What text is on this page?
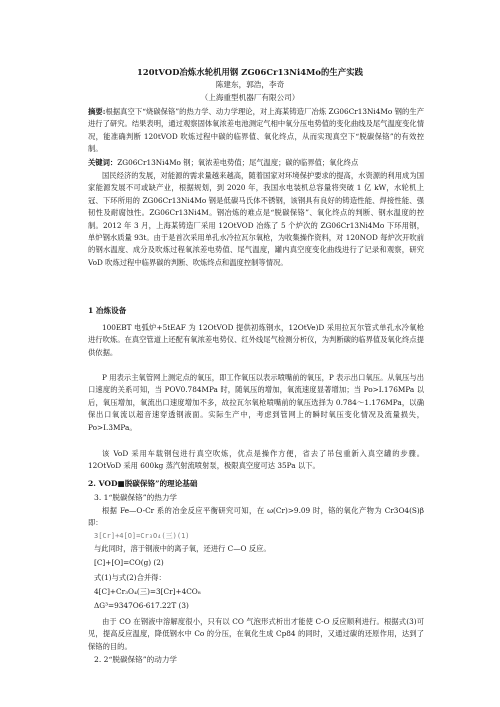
120tVOD冶炼水轮机用钢 ZG06Cr13Ni4Mo的生产实践
陈建东，郭浩，李奇
（上海重型机器厂有限公司）
摘要:根据真空下“烧碳保铬”的热力学、动力学理论，对上海某铸造厂冶炼 ZG06Cr13Ni4Mo 钢的生产进行了研究。结果表明，通过观察固体氧浓差电池测定气相中氧分压电势值的变化曲线及尾气温度变化情况，能准确判断 120tVOD 吹炼过程中碳的临界值、氧化终点，从而实现真空下“脱碳保铬”的有效控制。
关键词：ZG06Cr13Ni4Mo 钢；氧浓差电势值；尾气温度；碳的临界值；氧化终点
国民经济的发展，对能源的需求量越来越高，随着国家对环境保护要求的提高，水资源的利用成为国家能源发展不可或缺产业，根据规划，到 2020 年，我国水电装机总容量将突破 1 亿 kW，水轮机上冠、下环所用的 ZG06Cr13Ni4Mo 钢是低碳马氏体不锈钢，该钢具有良好的铸造性能、焊接性能、强韧性及耐腐蚀性。ZG06Cr13Ni4M。钢冶炼的难点是“脱碳保铬”、氧化终点的判断、钢水温度的控制。2012 年 3 月，上海某铸造厂采用 12OtVOD 冶炼了 5 个炉次的 ZG06Cr13Ni4Mo 下环用钢，单炉钢水质量 93t。由于是首次采用单孔水冷拉瓦尔氧枪，为收集操作资料，对 120NOD 每炉次开吹前的钢水温度、成分及吹炼过程氧浓差电势值、尾气温度，罐内真空度变化曲线进行了记录和观察，研究 VoD 吹炼过程中临界碳的判断、吹炼终点和温度控制等情况。
1 冶炼设备
100EBT 电弧炉+5tEAF 为 12OtVOD 提供初炼钢水，12OtVe)D 采用拉瓦尔管式单孔水冷氧枪进行吹炼。在真空管道上还配有氧浓差电势仪、红外线尾气检测分析仪，为判断碳的临界值及氧化终点提供依据。
P 用表示主氧管网上测定点的氧压，即工作氧压以表示喷嘴前的氧压，P 表示出口氧压。从氧压与出口速度的关系可知，当 POV0.784MPa 时，随氧压的增加，氧流速度显著增加；当 Po>I.176MPa 以后，氧压增加，氧流出口速度增加不多，故拉瓦尔氧枪喷嘴前的氧压选择为 0.784～1.176MPa，以确保出口氧流以超音速穿透钢液面。实际生产中，考虑到管网上的瞬时氧压变化情况及流量损失，Po>I.3MPa。
该 VoD 采用车载钢包进行真空吹炼，优点是操作方便，省去了吊包重新入真空罐的步骤。12OtVoD 采用 600kg 蒸汽射流喷射泵，极限真空度可达 35Pa 以下。
2. VOD■脱碳保铬”的理论基础
3. 1“脱碳保铬”的热力学
根据 Fe—O-Cr 系的冶金反应平衡研究可知，在 ω(Cr)>9.09 时，铬的氧化产物为 Cr3O4(S)β 即：
3[Cr]+4[O]=Cr₃O₄(三)(1)
与此同时，溶于钢液中的离子氧，还进行 C—O 反应。
[C]+[O]=CO(g) (2)
式(1)与式(2)合并得：
4[C]+Cr₃O₄(三)=3[Cr]+4CO₈
ΔG³=9347O6-617.22T (3)
由于 CO 在钢液中溶解度很小，只有以 CO 气泡形式析出才能使 C-O 反应顺利进行。根据式(3)可见，提高反应温度，降低钢水中 Co 的分压，在氧化生成 Cp84 的同时，又通过碳的还原作用，达到了保铬的目的。
2. 2“脱碳保铬”的动力学
